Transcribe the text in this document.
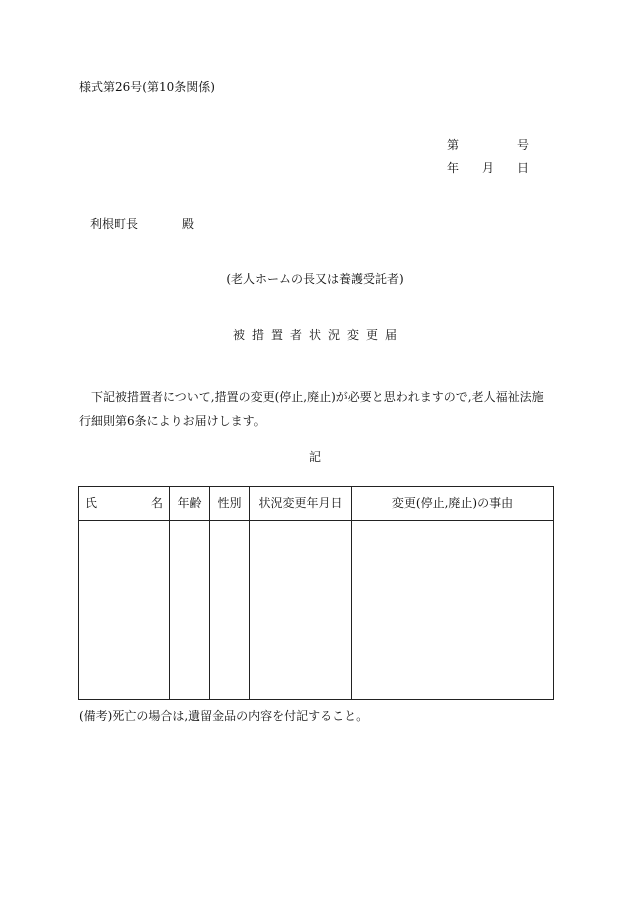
様式第26号(第10条関係)
第	号
年 月 日
利根町長	殿
(老人ホームの長又は養護受託者)
被措置者状況変更届

下記被措置者について,措置の変更(停止,廃止)が必要と思われますので,老人福祉法施行細則第6条によりお届けします。

記
氏 名	年齢	性別	状況変更年月日	変更(停止,廃止)の事由

(備考)死亡の場合は,遺留金品の内容を付記すること。
